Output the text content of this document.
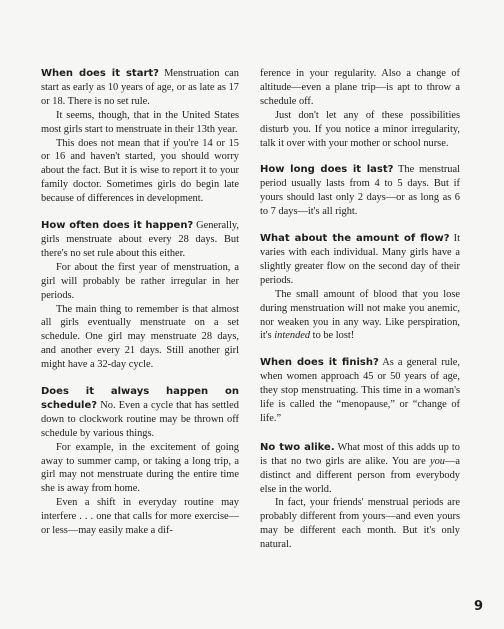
When does it start? Menstruation can start as early as 10 years of age, or as late as 17 or 18. There is no set rule.

It seems, though, that in the United States most girls start to menstruate in their 13th year.

This does not mean that if you're 14 or 15 or 16 and haven't started, you should worry about the fact. But it is wise to report it to your family doctor. Sometimes girls do begin late because of differences in development.

How often does it happen? Generally, girls menstruate about every 28 days. But there's no set rule about this either.

For about the first year of menstruation, a girl will probably be rather irregular in her periods.

The main thing to remember is that almost all girls eventually menstruate on a set schedule. One girl may menstruate 28 days, and another every 21 days. Still another girl might have a 32-day cycle.

Does it always happen on schedule? No. Even a cycle that has settled down to clockwork routine may be thrown off schedule by various things.

For example, in the excitement of going away to summer camp, or taking a long trip, a girl may not menstruate during the entire time she is away from home.

Even a shift in everyday routine may interfere . . . one that calls for more exercise—or less—may easily make a dif-

ference in your regularity. Also a change of altitude—even a plane trip—is apt to throw a schedule off.

Just don't let any of these possibilities disturb you. If you notice a minor irregularity, talk it over with your mother or school nurse.

How long does it last? The menstrual period usually lasts from 4 to 5 days. But if yours should last only 2 days—or as long as 6 to 7 days—it's all right.

What about the amount of flow? It varies with each individual. Many girls have a slightly greater flow on the second day of their periods.

The small amount of blood that you lose during menstruation will not make you anemic, nor weaken you in any way. Like perspiration, it's intended to be lost!

When does it finish? As a general rule, when women approach 45 or 50 years of age, they stop menstruating. This time in a woman's life is called the “menopause,” or “change of life.”

No two alike. What most of this adds up to is that no two girls are alike. You are you—a distinct and different person from everybody else in the world.

In fact, your friends' menstrual periods are probably different from yours—and even yours may be different each month. But it's only natural.

9
